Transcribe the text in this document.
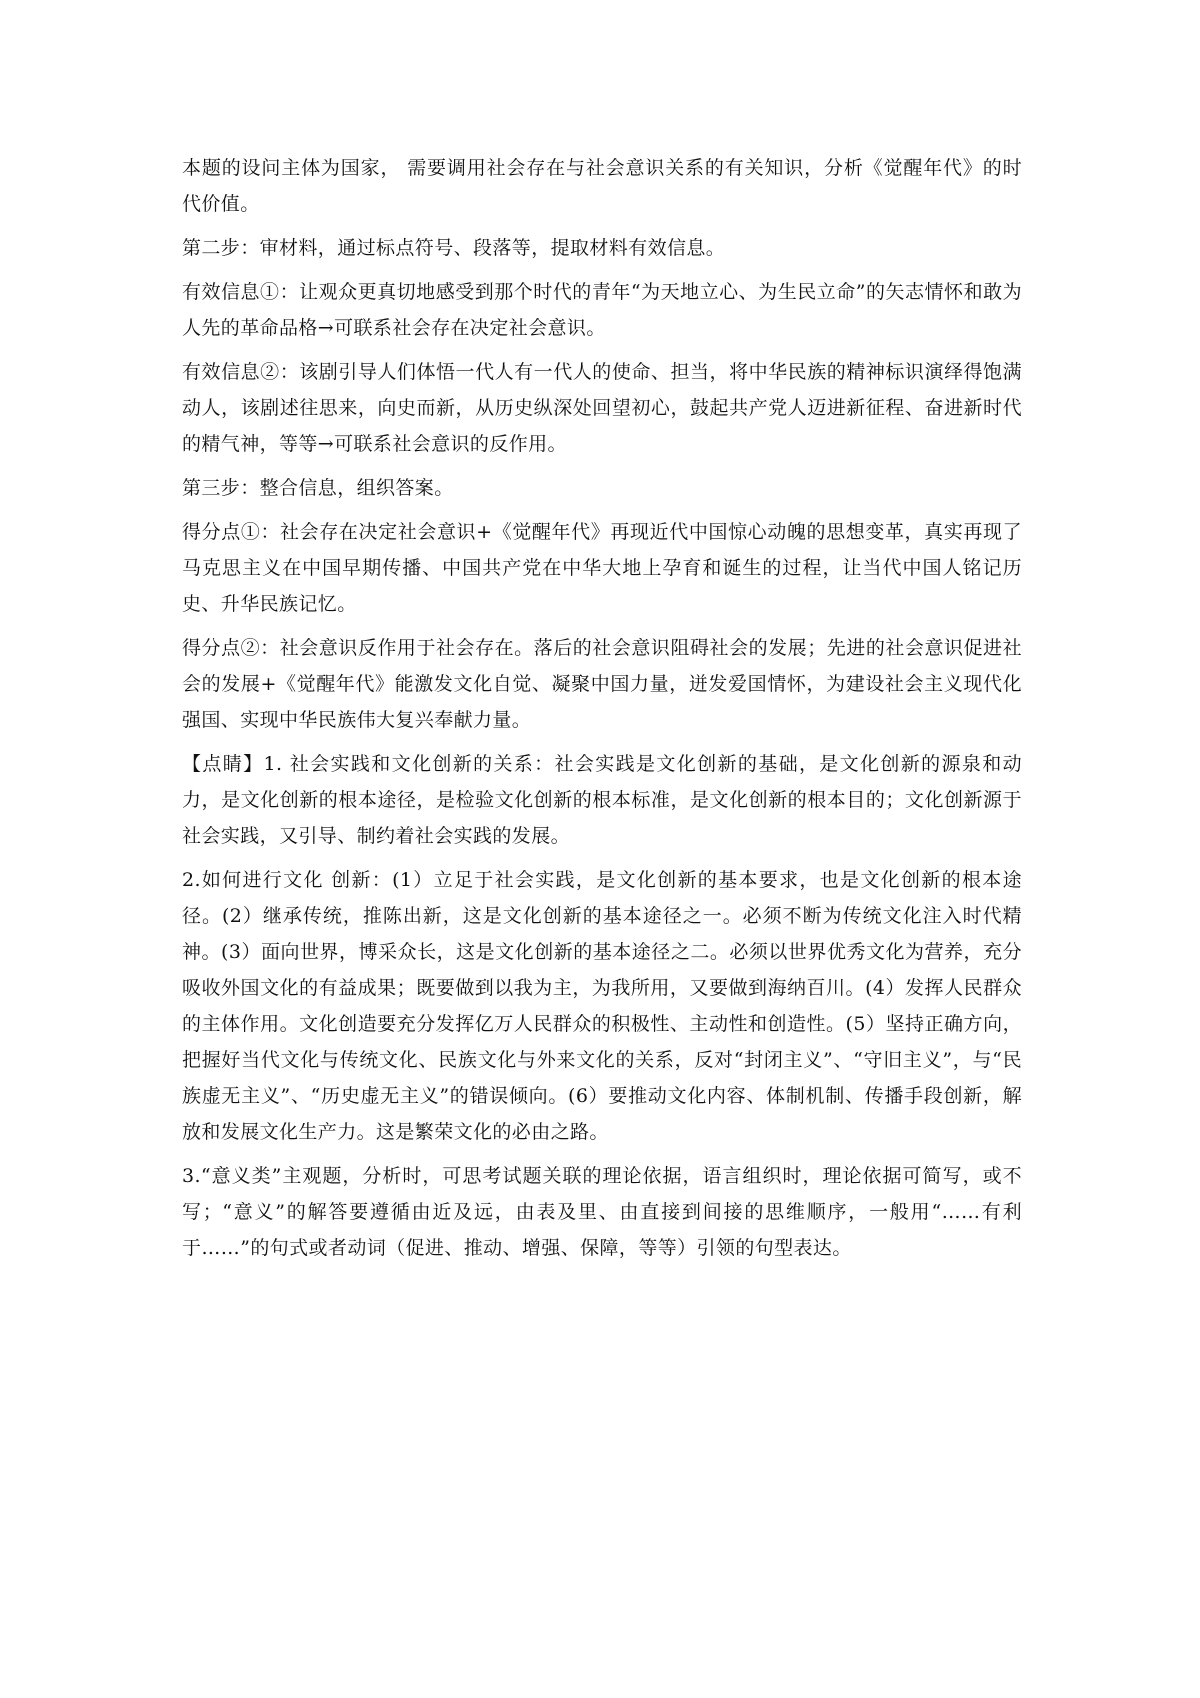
本题的设问主体为国家， 需要调用社会存在与社会意识关系的有关知识，分析《觉醒年代》的时代价值。

第二步：审材料，通过标点符号、段落等，提取材料有效信息。

有效信息①：让观众更真切地感受到那个时代的青年“为天地立心、为生民立命”的矢志情怀和敢为人先的革命品格→可联系社会存在决定社会意识。

有效信息②：该剧引导人们体悟一代人有一代人的使命、担当，将中华民族的精神标识演绎得饱满动人，该剧述往思来，向史而新，从历史纵深处回望初心，鼓起共产党人迈进新征程、奋进新时代的精气神，等等→可联系社会意识的反作用。

第三步：整合信息，组织答案。

得分点①：社会存在决定社会意识+《觉醒年代》再现近代中国惊心动魄的思想变革，真实再现了马克思主义在中国早期传播、中国共产党在中华大地上孕育和诞生的过程，让当代中国人铭记历史、升华民族记忆。

得分点②：社会意识反作用于社会存在。落后的社会意识阻碍社会的发展；先进的社会意识促进社会的发展+《觉醒年代》能激发文化自觉、凝聚中国力量，迸发爱国情怀，为建设社会主义现代化强国、实现中华民族伟大复兴奉献力量。

【点睛】1. 社会实践和文化创新的关系：社会实践是文化创新的基础，是文化创新的源泉和动力，是文化创新的根本途径，是检验文化创新的根本标准，是文化创新的根本目的；文化创新源于社会实践，又引导、制约着社会实践的发展。

2.如何进行文化 创新：(1）立足于社会实践，是文化创新的基本要求，也是文化创新的根本途径。(2）继承传统，推陈出新，这是文化创新的基本途径之一。必须不断为传统文化注入时代精神。(3）面向世界，博采众长，这是文化创新的基本途径之二。必须以世界优秀文化为营养，充分吸收外国文化的有益成果；既要做到以我为主，为我所用，又要做到海纳百川。(4）发挥人民群众的主体作用。文化创造要充分发挥亿万人民群众的积极性、主动性和创造性。(5）坚持正确方向，把握好当代文化与传统文化、民族文化与外来文化的关系，反对“封闭主义”、“守旧主义”，与“民族虚无主义”、“历史虚无主义”的错误倾向。(6）要推动文化内容、体制机制、传播手段创新，解放和发展文化生产力。这是繁荣文化的必由之路。

3.“意义类”主观题，分析时，可思考试题关联的理论依据，语言组织时，理论依据可简写，或不写；“意义”的解答要遵循由近及远，由表及里、由直接到间接的思维顺序，一般用“……有利于……”的句式或者动词（促进、推动、增强、保障，等等）引领的句型表达。
